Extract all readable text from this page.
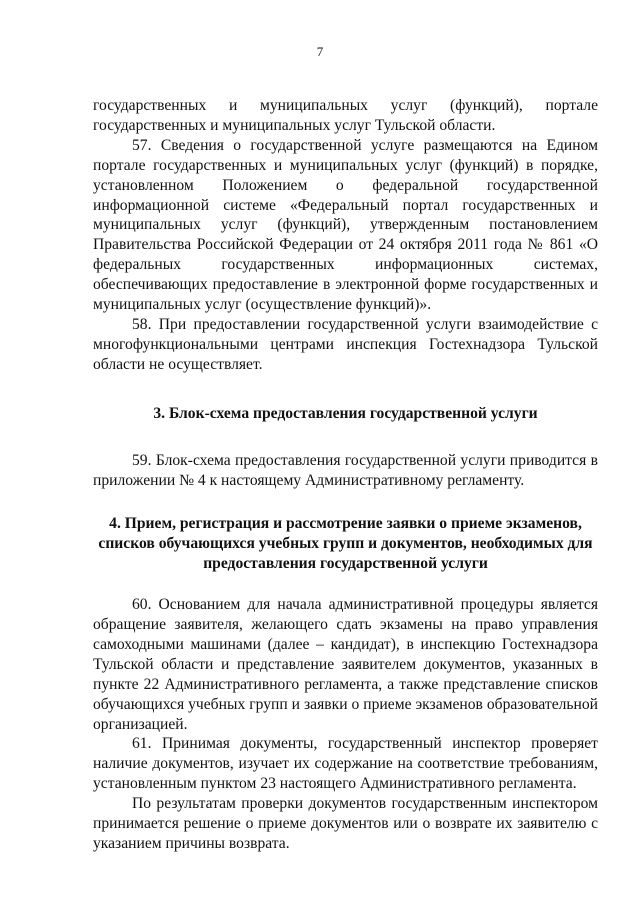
7

государственных и муниципальных услуг (функций), портале государственных и муниципальных услуг Тульской области.

57. Сведения о государственной услуге размещаются на Едином портале государственных и муниципальных услуг (функций) в порядке, установленном Положением о федеральной государственной информационной системе «Федеральный портал государственных и муниципальных услуг (функций), утвержденным постановлением Правительства Российской Федерации от 24 октября 2011 года № 861 «О федеральных государственных информационных системах, обеспечивающих предоставление в электронной форме государственных и муниципальных услуг (осуществление функций)».

58. При предоставлении государственной услуги взаимодействие с многофункциональными центрами инспекция Гостехнадзора Тульской области не осуществляет.

3. Блок-схема предоставления государственной услуги

59. Блок-схема предоставления государственной услуги приводится в приложении № 4 к настоящему Административному регламенту.

4. Прием, регистрация и рассмотрение заявки о приеме экзаменов, списков обучающихся учебных групп и документов, необходимых для предоставления государственной услуги

60. Основанием для начала административной процедуры является обращение заявителя, желающего сдать экзамены на право управления самоходными машинами (далее – кандидат), в инспекцию Гостехнадзора Тульской области и представление заявителем документов, указанных в пункте 22 Административного регламента, а также представление списков обучающихся учебных групп и заявки о приеме экзаменов образовательной организацией.

61. Принимая документы, государственный инспектор проверяет наличие документов, изучает их содержание на соответствие требованиям, установленным пунктом 23 настоящего Административного регламента.

По результатам проверки документов государственным инспектором принимается решение о приеме документов или о возврате их заявителю с указанием причины возврата.
